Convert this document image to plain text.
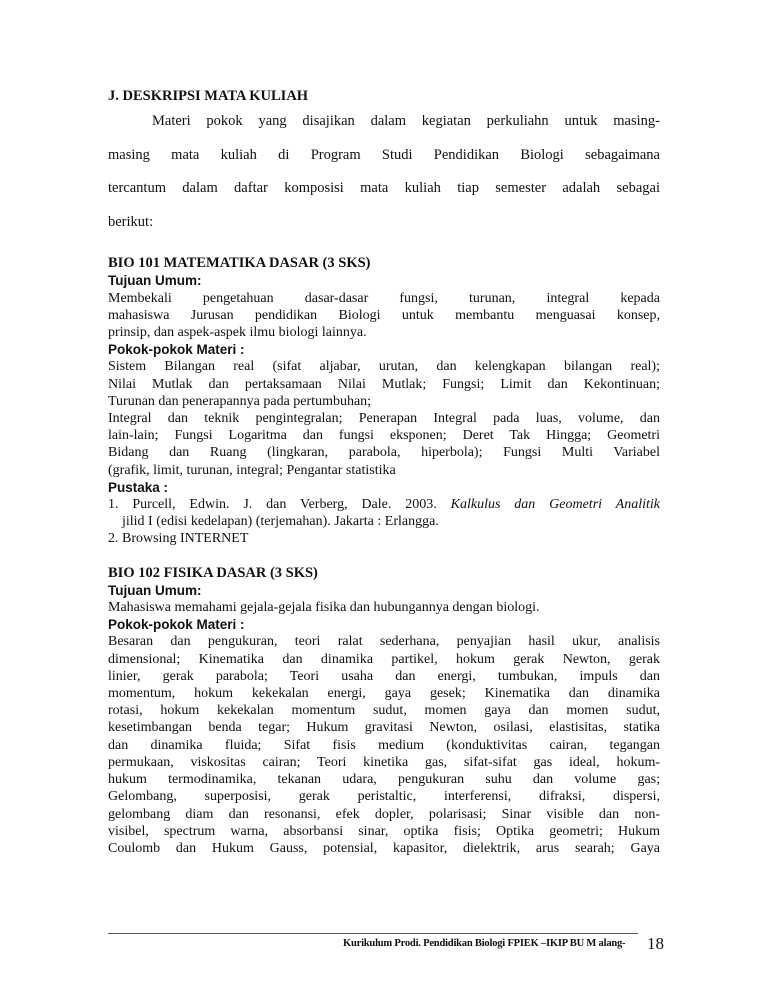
J. DESKRIPSI MATA KULIAH
Materi pokok yang disajikan dalam kegiatan perkuliahn untuk masing-
masing mata kuliah di Program Studi Pendidikan Biologi sebagaimana
tercantum dalam daftar komposisi mata kuliah tiap semester adalah sebagai
berikut:
BIO 101 MATEMATIKA DASAR (3 SKS)
Tujuan Umum:
Membekali pengetahuan dasar-dasar fungsi, turunan, integral kepada
mahasiswa Jurusan pendidikan Biologi untuk membantu menguasai konsep,
prinsip, dan aspek-aspek ilmu biologi lainnya.
Pokok-pokok Materi :
Sistem Bilangan real (sifat aljabar, urutan, dan kelengkapan bilangan real);
Nilai Mutlak dan pertaksamaan Nilai Mutlak; Fungsi; Limit dan Kekontinuan;
Turunan dan penerapannya pada pertumbuhan;
Integral dan teknik pengintegralan; Penerapan Integral pada luas, volume, dan
lain-lain; Fungsi Logaritma dan fungsi eksponen; Deret Tak Hingga; Geometri
Bidang dan Ruang (lingkaran, parabola, hiperbola); Fungsi Multi Variabel
(grafik, limit, turunan, integral; Pengantar statistika
Pustaka :
1. Purcell, Edwin. J. dan Verberg, Dale. 2003. Kalkulus dan Geometri Analitik
jilid I (edisi kedelapan) (terjemahan). Jakarta : Erlangga.
2. Browsing INTERNET
BIO 102 FISIKA DASAR (3 SKS)
Tujuan Umum:
Mahasiswa memahami gejala-gejala fisika dan hubungannya dengan biologi.
Pokok-pokok Materi :
Besaran dan pengukuran, teori ralat sederhana, penyajian hasil ukur, analisis
dimensional; Kinematika dan dinamika partikel, hokum gerak Newton, gerak
linier, gerak parabola; Teori usaha dan energi, tumbukan, impuls dan
momentum, hokum kekekalan energi, gaya gesek; Kinematika dan dinamika
rotasi, hokum kekekalan momentum sudut, momen gaya dan momen sudut,
kesetimbangan benda tegar; Hukum gravitasi Newton, osilasi, elastisitas, statika
dan dinamika fluida; Sifat fisis medium (konduktivitas cairan, tegangan
permukaan, viskositas cairan; Teori kinetika gas, sifat-sifat gas ideal, hokum-
hukum termodinamika, tekanan udara, pengukuran suhu dan volume gas;
Gelombang, superposisi, gerak peristaltic, interferensi, difraksi, dispersi,
gelombang diam dan resonansi, efek dopler, polarisasi; Sinar visible dan non-
visibel, spectrum warna, absorbansi sinar, optika fisis; Optika geometri; Hukum
Coulomb dan Hukum Gauss, potensial, kapasitor, dielektrik, arus searah; Gaya
Kurikulum Prodi. Pendidikan Biologi FPIEK –IKIP BU M alang- 18
